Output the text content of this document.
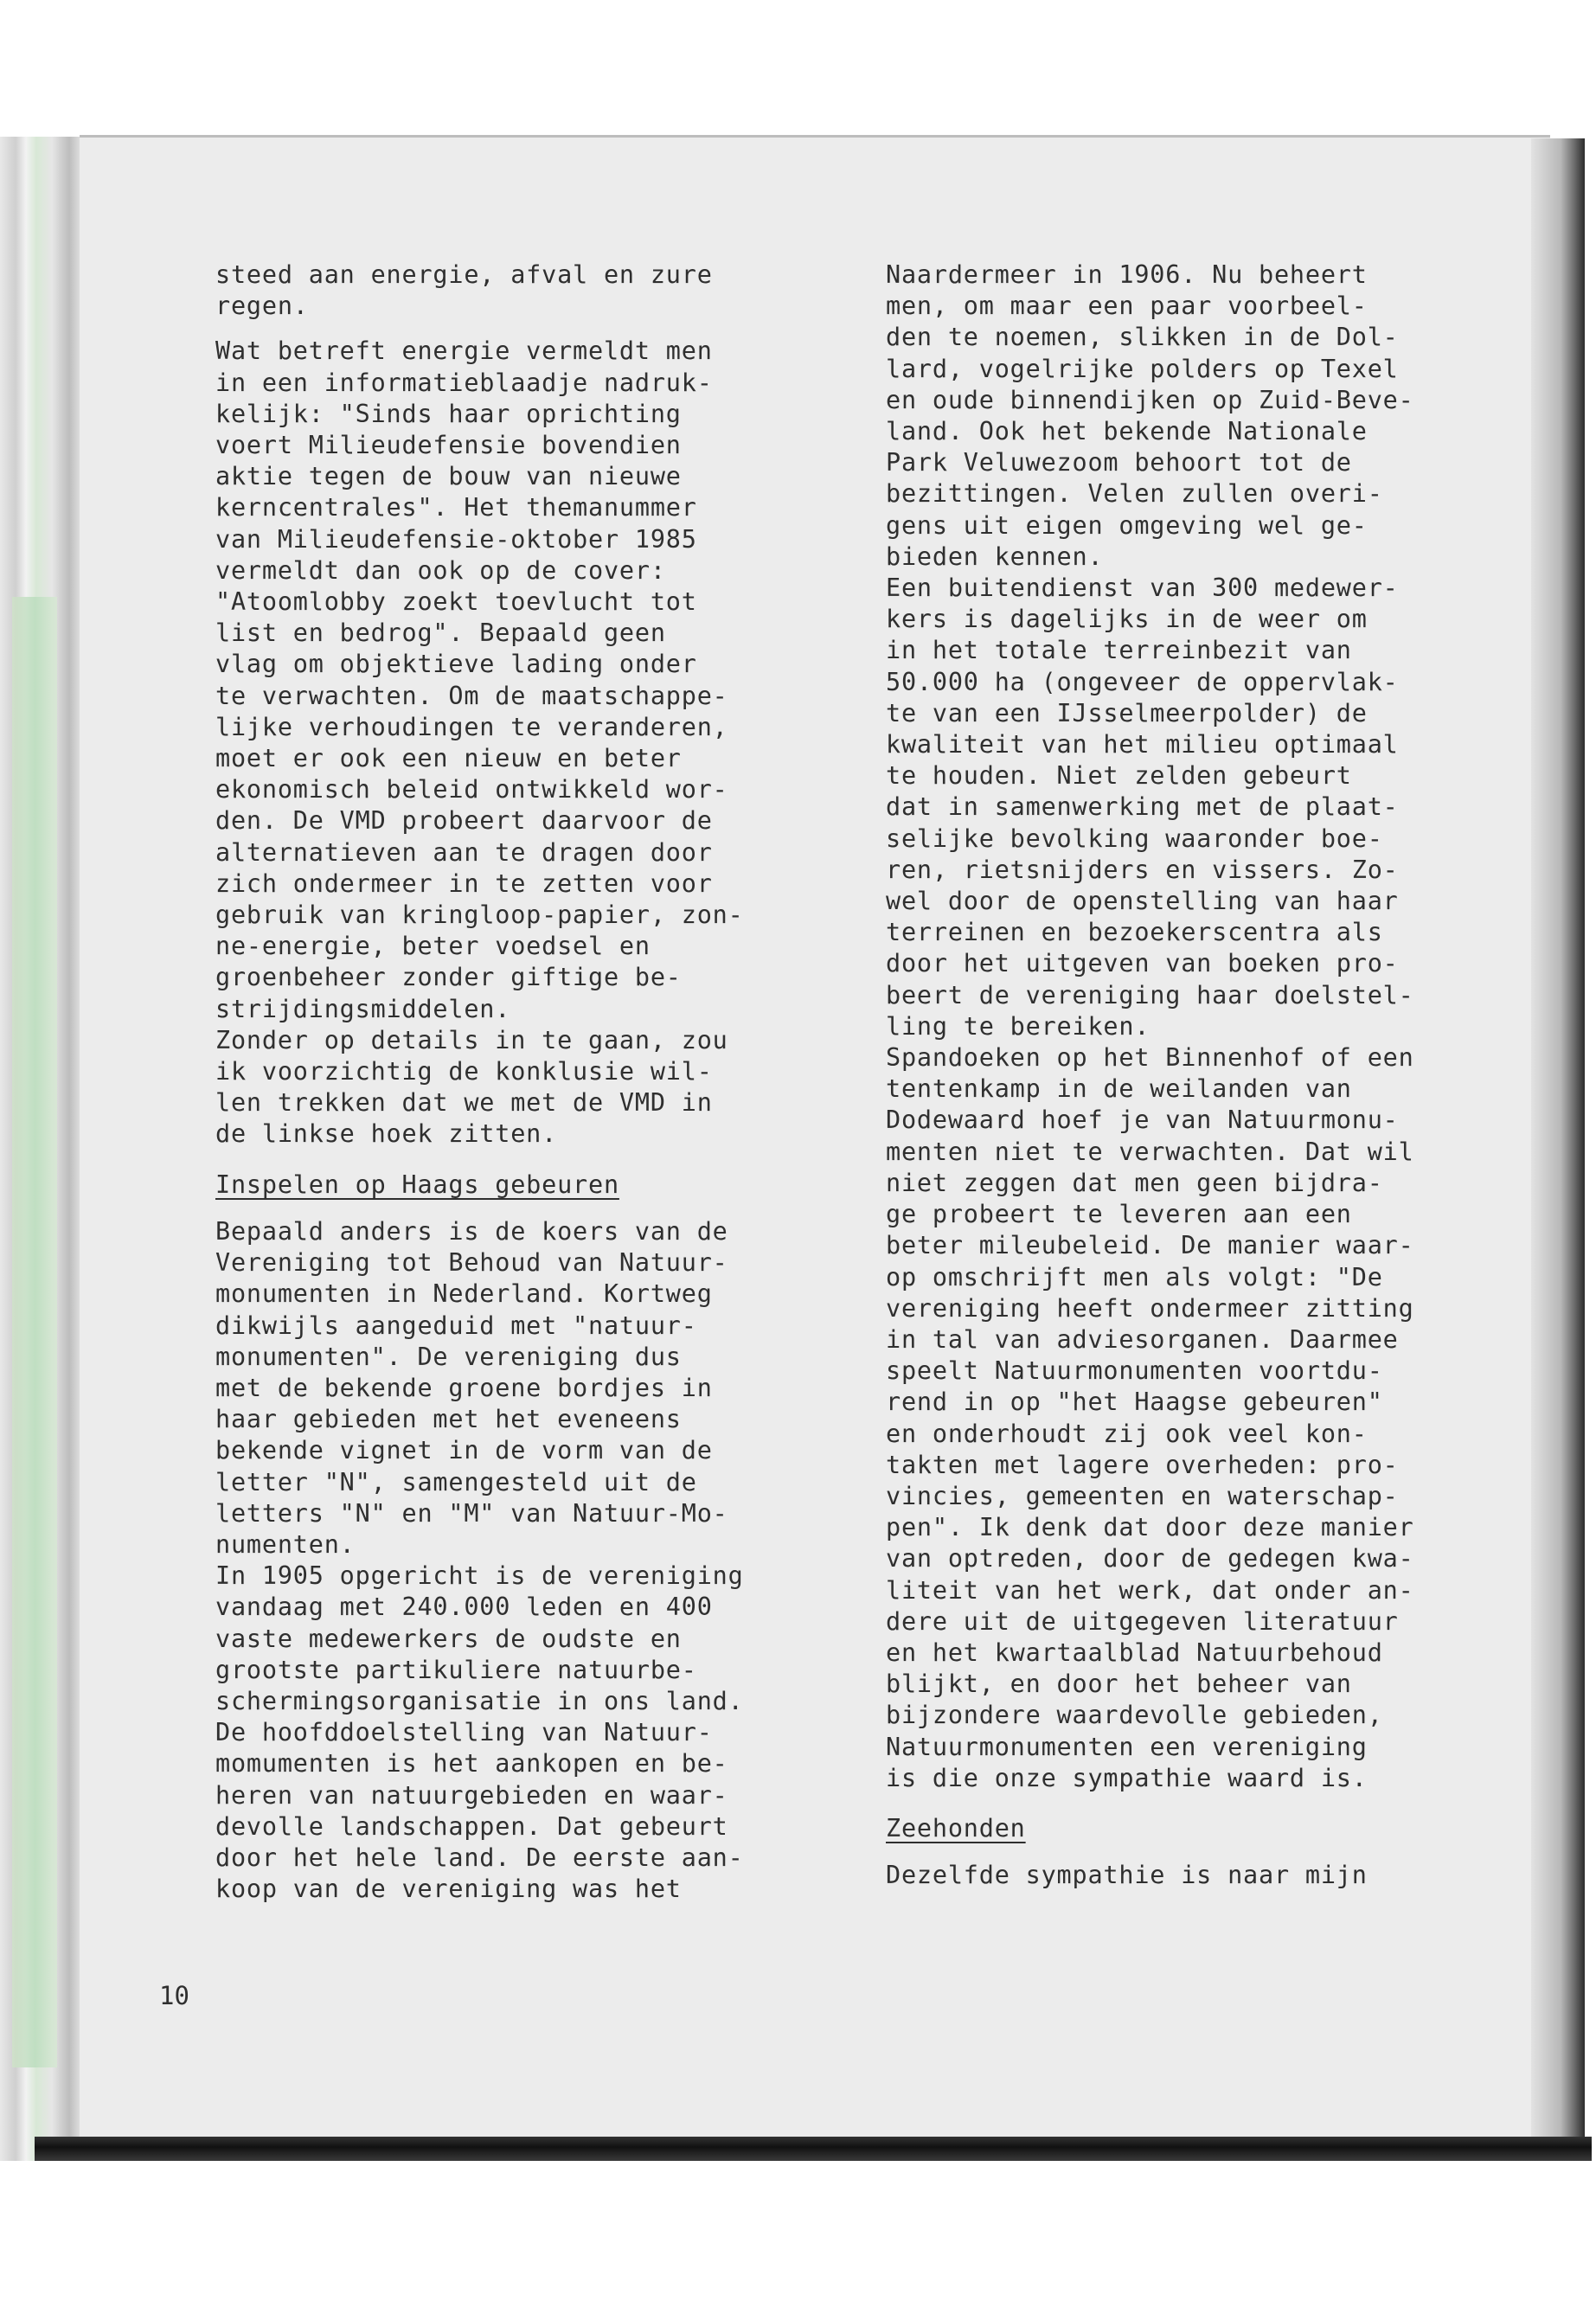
steed aan energie, afval en zure
regen.

Wat betreft energie vermeldt men
in een informatieblaadje nadruk-
kelijk: "Sinds haar oprichting
voert Milieudefensie bovendien
aktie tegen de bouw van nieuwe
kerncentrales". Het themanummer
van Milieudefensie-oktober 1985
vermeldt dan ook op de cover:
"Atoomlobby zoekt toevlucht tot
list en bedrog". Bepaald geen
vlag om objektieve lading onder
te verwachten. Om de maatschappe-
lijke verhoudingen te veranderen,
moet er ook een nieuw en beter
ekonomisch beleid ontwikkeld wor-
den. De VMD probeert daarvoor de
alternatieven aan te dragen door
zich ondermeer in te zetten voor
gebruik van kringloop-papier, zon-
ne-energie, beter voedsel en
groenbeheer zonder giftige be-
strijdingsmiddelen.

Zonder op details in te gaan, zou
ik voorzichtig de konklusie wil-
len trekken dat we met de VMD in
de linkse hoek zitten.

Inspelen op Haags gebeuren

Bepaald anders is de koers van de
Vereniging tot Behoud van Natuur-
monumenten in Nederland. Kortweg
dikwijls aangeduid met "natuur-
monumenten". De vereniging dus
met de bekende groene bordjes in
haar gebieden met het eveneens
bekende vignet in de vorm van de
letter "N", samengesteld uit de
letters "N" en "M" van Natuur-Mo-
numenten.

In 1905 opgericht is de vereniging
vandaag met 240.000 leden en 400
vaste medewerkers de oudste en
grootste partikuliere natuurbe-
schermingsorganisatie in ons land.

De hoofddoelstelling van Natuur-
momumenten is het aankopen en be-
heren van natuurgebieden en waar-
devolle landschappen. Dat gebeurt
door het hele land. De eerste aan-
koop van de vereniging was het

Naardermeer in 1906. Nu beheert
men, om maar een paar voorbeel-
den te noemen, slikken in de Dol-
lard, vogelrijke polders op Texel
en oude binnendijken op Zuid-Beve-
land. Ook het bekende Nationale
Park Veluwezoom behoort tot de
bezittingen. Velen zullen overi-
gens uit eigen omgeving wel ge-
bieden kennen.

Een buitendienst van 300 medewer-
kers is dagelijks in de weer om
in het totale terreinbezit van
50.000 ha (ongeveer de oppervlak-
te van een IJsselmeerpolder) de
kwaliteit van het milieu optimaal
te houden. Niet zelden gebeurt
dat in samenwerking met de plaat-
selijke bevolking waaronder boe-
ren, rietsnijders en vissers. Zo-
wel door de openstelling van haar
terreinen en bezoekerscentra als
door het uitgeven van boeken pro-
beert de vereniging haar doelstel-
ling te bereiken.

Spandoeken op het Binnenhof of een
tentenkamp in de weilanden van
Dodewaard hoef je van Natuurmonu-
menten niet te verwachten. Dat wil
niet zeggen dat men geen bijdra-
ge probeert te leveren aan een
beter mileubeleid. De manier waar-
op omschrijft men als volgt: "De
vereniging heeft ondermeer zitting
in tal van adviesorganen. Daarmee
speelt Natuurmonumenten voortdu-
rend in op "het Haagse gebeuren"
en onderhoudt zij ook veel kon-
takten met lagere overheden: pro-
vincies, gemeenten en waterschap-
pen". Ik denk dat door deze manier
van optreden, door de gedegen kwa-
liteit van het werk, dat onder an-
dere uit de uitgegeven literatuur
en het kwartaalblad Natuurbehoud
blijkt, en door het beheer van
bijzondere waardevolle gebieden,
Natuurmonumenten een vereniging
is die onze sympathie waard is.

Zeehonden

Dezelfde sympathie is naar mijn

10
